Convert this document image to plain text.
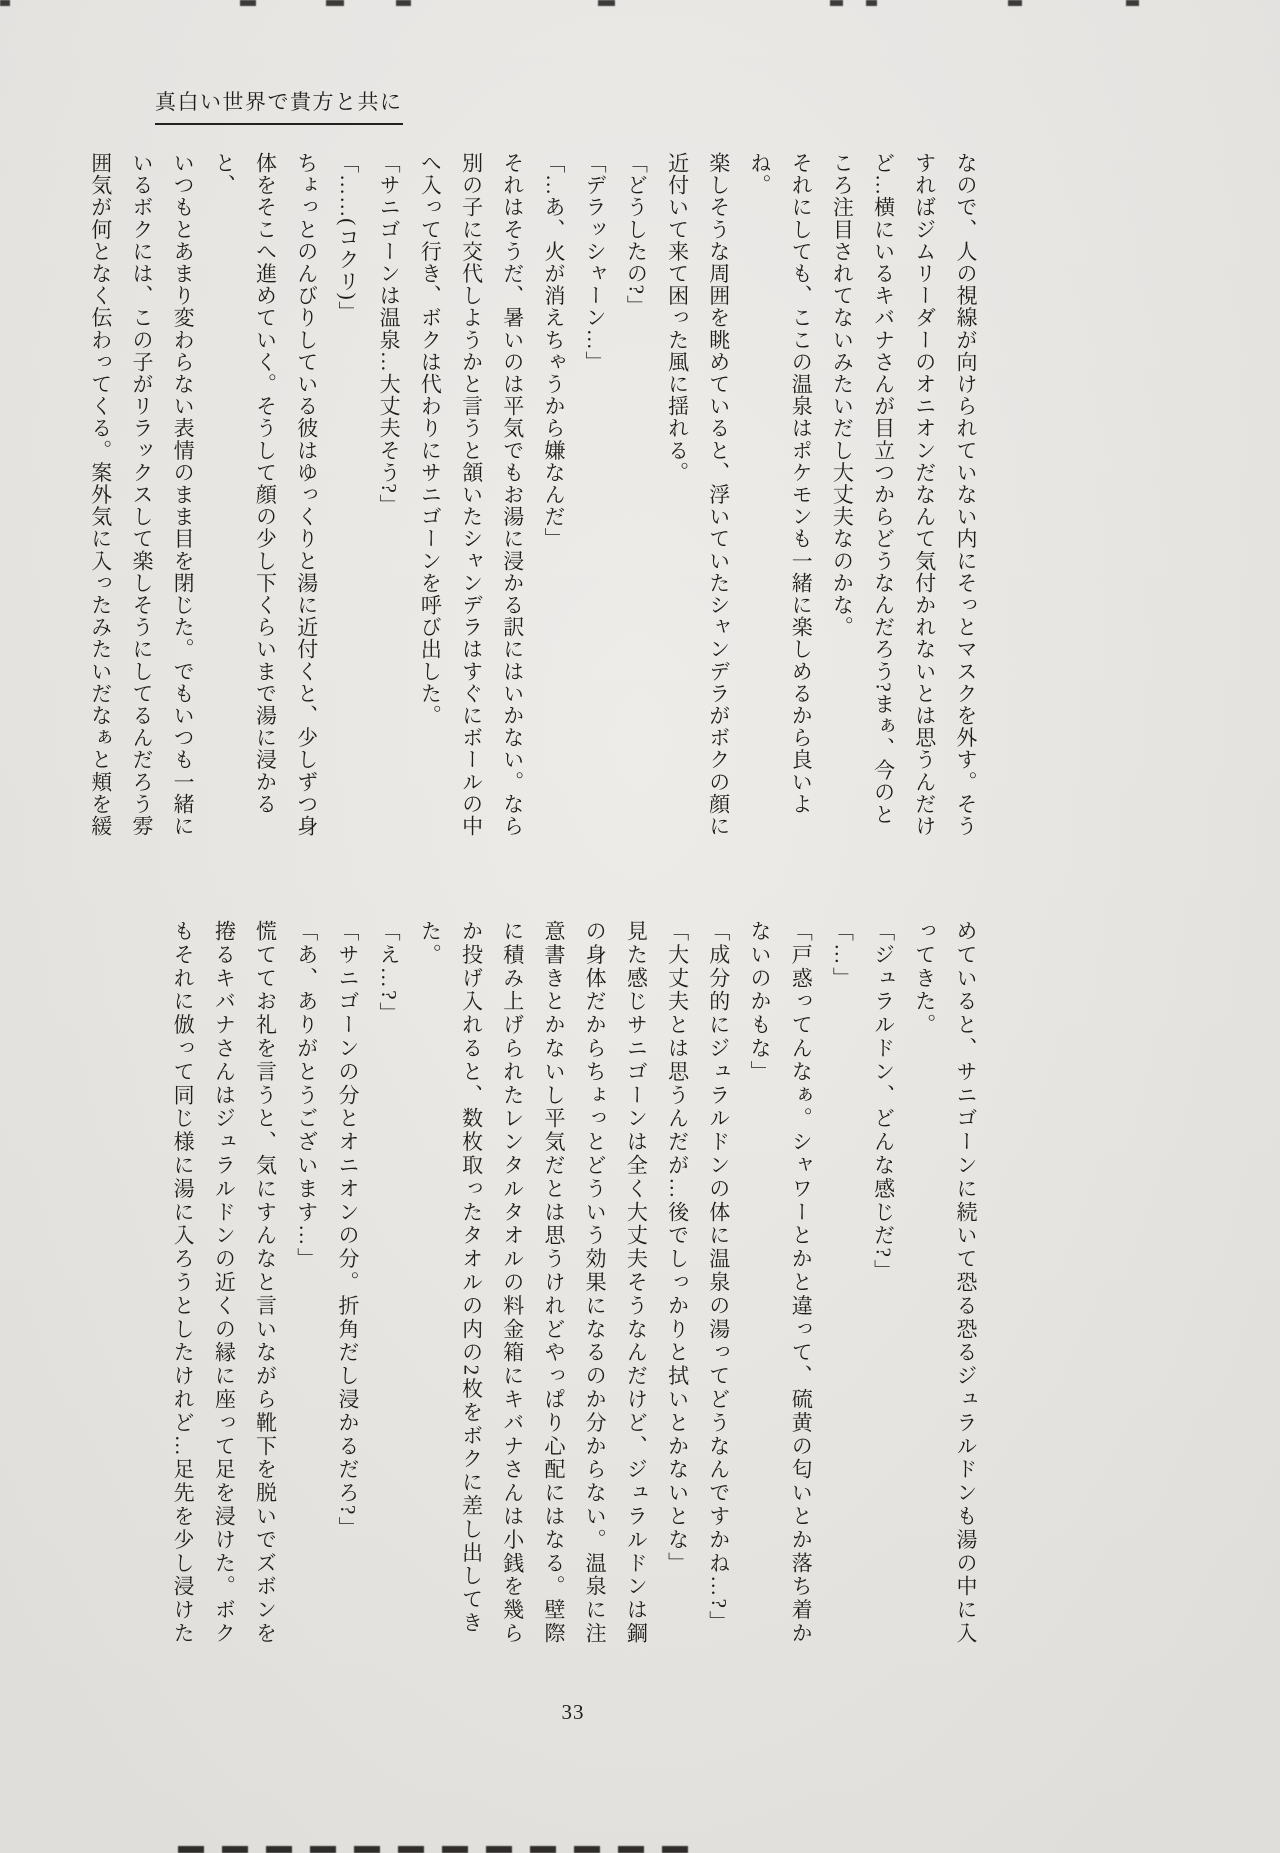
真白い世界で貴方と共に

なので、人の視線が向けられていない内にそっとマスクを外す。そう

すればジムリーダーのオニオンだなんて気付かれないとは思うんだけ

ど…横にいるキバナさんが目立つからどうなんだろう?まぁ、今のと

ころ注目されてないみたいだし大丈夫なのかな。

それにしても、ここの温泉はポケモンも一緒に楽しめるから良いよね。

楽しそうな周囲を眺めていると、浮いていたシャンデラがボクの顔に

近付いて来て困った風に揺れる。

「どうしたの?」

「デラッシャーン…」

「…あ、火が消えちゃうから嫌なんだ」

それはそうだ、暑いのは平気でもお湯に浸かる訳にはいかない。なら

別の子に交代しようかと言うと頷いたシャンデラはすぐにボールの中

へ入って行き、ボクは代わりにサニゴーンを呼び出した。

「サニゴーンは温泉…大丈夫そう?」

「……(コクリ)」

ちょっとのんびりしている彼はゆっくりと湯に近付くと、少しずつ身

体をそこへ進めていく。そうして顔の少し下くらいまで湯に浸かると、

いつもとあまり変わらない表情のまま目を閉じた。でもいつも一緒に

いるボクには、この子がリラックスして楽しそうにしてるんだろう雰

囲気が何となく伝わってくる。案外気に入ったみたいだなぁと頬を緩

めていると、サニゴーンに続いて恐る恐るジュラルドンも湯の中に入

ってきた。

「ジュラルドン、どんな感じだ?」

「…」

「戸惑ってんなぁ。シャワーとかと違って、硫黄の匂いとか落ち着か

ないのかもな」

「成分的にジュラルドンの体に温泉の湯ってどうなんですかね…?」

「大丈夫とは思うんだが…後でしっかりと拭いとかないとな」

見た感じサニゴーンは全く大丈夫そうなんだけど、ジュラルドンは鋼

の身体だからちょっとどういう効果になるのか分からない。温泉に注

意書きとかないし平気だとは思うけれどやっぱり心配にはなる。壁際

に積み上げられたレンタルタオルの料金箱にキバナさんは小銭を幾ら

か投げ入れると、数枚取ったタオルの内の2枚をボクに差し出してき

た。

「え…?」

「サニゴーンの分とオニオンの分。折角だし浸かるだろ?」

「あ、ありがとうございます…」

慌ててお礼を言うと、気にすんなと言いながら靴下を脱いでズボンを

捲るキバナさんはジュラルドンの近くの縁に座って足を浸けた。ボク

もそれに倣って同じ様に湯に入ろうとしたけれど…足先を少し浸けた

33
